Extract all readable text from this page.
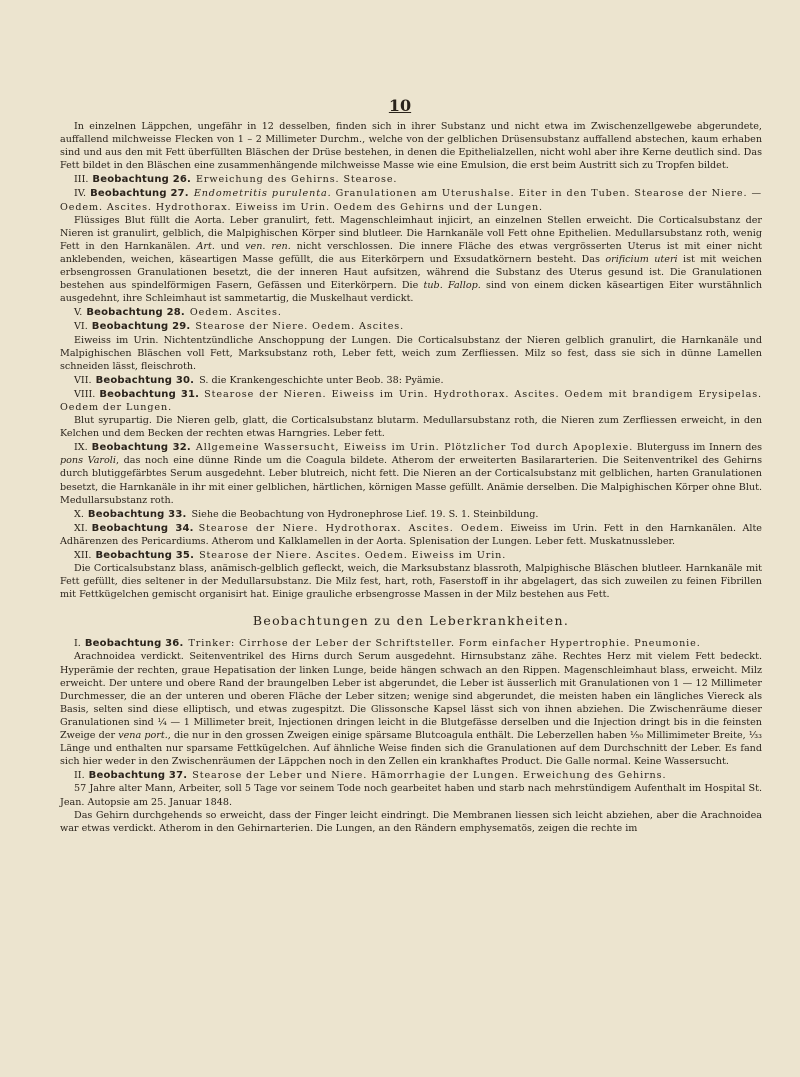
10

In einzelnen Läppchen, ungefähr in 12 desselben, finden sich in ihrer Substanz und nicht etwa im Zwischenzellgewebe abgerundete, auffallend milchweisse Flecken von 1 – 2 Millimeter Durchm., welche von der gelblichen Drüsensubstanz auffallend abstechen, kaum erhaben sind und aus den mit Fett überfüllten Bläschen der Drüse bestehen, in denen die Epithelialzellen, nicht wohl aber ihre Kerne deutlich sind. Das Fett bildet in den Bläschen eine zusammenhängende milchweisse Masse wie eine Emulsion, die erst beim Austritt sich zu Tropfen bildet.

III. Beobachtung 26. Erweichung des Gehirns. Stearose.

IV. Beobachtung 27. Endometritis purulenta. Granulationen am Uterushalse. Eiter in den Tuben. Stearose der Niere. — Oedem. Ascites. Hydrothorax. Eiweiss im Urin. Oedem des Gehirns und der Lungen.

Flüssiges Blut füllt die Aorta. Leber granulirt, fett. Magenschleimhaut injicirt, an einzelnen Stellen erweicht. Die Corticalsubstanz der Nieren ist granulirt, gelblich, die Malpighischen Körper sind blutleer. Die Harnkanäle voll Fett ohne Epithelien. Medullarsubstanz roth, wenig Fett in den Harnkanälen. Art. und ven. ren. nicht verschlossen. Die innere Fläche des etwas vergrösserten Uterus ist mit einer nicht anklebenden, weichen, käseartigen Masse gefüllt, die aus Eiterkörpern und Exsudatkörnern besteht. Das orificium uteri ist mit weichen erbsengrossen Granulationen besetzt, die der inneren Haut aufsitzen, während die Substanz des Uterus gesund ist. Die Granulationen bestehen aus spindelförmigen Fasern, Gefässen und Eiterkörpern. Die tub. Fallop. sind von einem dicken käseartigen Eiter wurstähnlich ausgedehnt, ihre Schleimhaut ist sammetartig, die Muskelhaut verdickt.

V. Beobachtung 28. Oedem. Ascites.

VI. Beobachtung 29. Stearose der Niere. Oedem. Ascites.

Eiweiss im Urin. Nichtentzündliche Anschoppung der Lungen. Die Corticalsubstanz der Nieren gelblich granulirt, die Harnkanäle und Malpighischen Bläschen voll Fett, Marksubstanz roth, Leber fett, weich zum Zerfliessen. Milz so fest, dass sie sich in dünne Lamellen schneiden lässt, fleischroth.

VII. Beobachtung 30. S. die Krankengeschichte unter Beob. 38: Pyämie.

VIII. Beobachtung 31. Stearose der Nieren. Eiweiss im Urin. Hydrothorax. Ascites. Oedem mit brandigem Erysipelas. Oedem der Lungen.

Blut syrupartig. Die Nieren gelb, glatt, die Corticalsubstanz blutarm. Medullarsubstanz roth, die Nieren zum Zerfliessen erweicht, in den Kelchen und dem Becken der rechten etwas Harngries. Leber fett.

IX. Beobachtung 32. Allgemeine Wassersucht, Eiweiss im Urin. Plötzlicher Tod durch Apoplexie. Bluterguss im Innern des pons Varoli, das noch eine dünne Rinde um die Coagula bildete. Atherom der erweiterten Basilararterien. Die Seitenventrikel des Gehirns durch blutiggefärbtes Serum ausgedehnt. Leber blutreich, nicht fett. Die Nieren an der Corticalsubstanz mit gelblichen, harten Granulationen besetzt, die Harnkanäle in ihr mit einer gelblichen, härtlichen, körnigen Masse gefüllt. Anämie derselben. Die Malpighischen Körper ohne Blut. Medullarsubstanz roth.

X. Beobachtung 33. Siehe die Beobachtung von Hydronephrose Lief. 19. S. 1. Steinbildung.

XI. Beobachtung 34. Stearose der Niere. Hydrothorax. Ascites. Oedem. Eiweiss im Urin. Fett in den Harnkanälen. Alte Adhärenzen des Pericardiums. Atherom und Kalklamellen in der Aorta. Splenisation der Lungen. Leber fett. Muskatnussleber.

XII. Beobachtung 35. Stearose der Niere. Ascites. Oedem. Eiweiss im Urin.

Die Corticalsubstanz blass, anämisch-gelblich gefleckt, weich, die Marksubstanz blassroth, Malpighische Bläschen blutleer. Harnkanäle mit Fett gefüllt, dies seltener in der Medullarsubstanz. Die Milz fest, hart, roth, Faserstoff in ihr abgelagert, das sich zuweilen zu feinen Fibrillen mit Fettkügelchen gemischt organisirt hat. Einige grauliche erbsengrosse Massen in der Milz bestehen aus Fett.

Beobachtungen zu den Leberkrankheiten.

I. Beobachtung 36. Trinker: Cirrhose der Leber der Schriftsteller. Form einfacher Hypertrophie. Pneumonie.

Arachnoidea verdickt. Seitenventrikel des Hirns durch Serum ausgedehnt. Hirnsubstanz zähe. Rechtes Herz mit vielem Fett bedeckt. Hyperämie der rechten, graue Hepatisation der linken Lunge, beide hängen schwach an den Rippen. Magenschleimhaut blass, erweicht. Milz erweicht. Der untere und obere Rand der braungelben Leber ist abgerundet, die Leber ist äusserlich mit Granulationen von 1 — 12 Millimeter Durchmesser, die an der unteren und oberen Fläche der Leber sitzen; wenige sind abgerundet, die meisten haben ein längliches Viereck als Basis, selten sind diese elliptisch, und etwas zugespitzt. Die Glissonsche Kapsel lässt sich von ihnen abziehen. Die Zwischenräume dieser Granulationen sind ¼ — 1 Millimeter breit, Injectionen dringen leicht in die Blutgefässe derselben und die Injection dringt bis in die feinsten Zweige der vena port., die nur in den grossen Zweigen einige spärsame Blutcoagula enthält. Die Leberzellen haben ⅟₅₀ Millimimeter Breite, ⅟₃₃ Länge und enthalten nur sparsame Fettkügelchen. Auf ähnliche Weise finden sich die Granulationen auf dem Durchschnitt der Leber. Es fand sich hier weder in den Zwischenräumen der Läppchen noch in den Zellen ein krankhaftes Product. Die Galle normal. Keine Wassersucht.

II. Beobachtung 37. Stearose der Leber und Niere. Hämorrhagie der Lungen. Erweichung des Gehirns.

57 Jahre alter Mann, Arbeiter, soll 5 Tage vor seinem Tode noch gearbeitet haben und starb nach mehrstündigem Aufenthalt im Hospital St. Jean. Autopsie am 25. Januar 1848.

Das Gehirn durchgehends so erweicht, dass der Finger leicht eindringt. Die Membranen liessen sich leicht abziehen, aber die Arachnoidea war etwas verdickt. Atherom in den Gehirnarterien. Die Lungen, an den Rändern emphysematös, zeigen die rechte im
